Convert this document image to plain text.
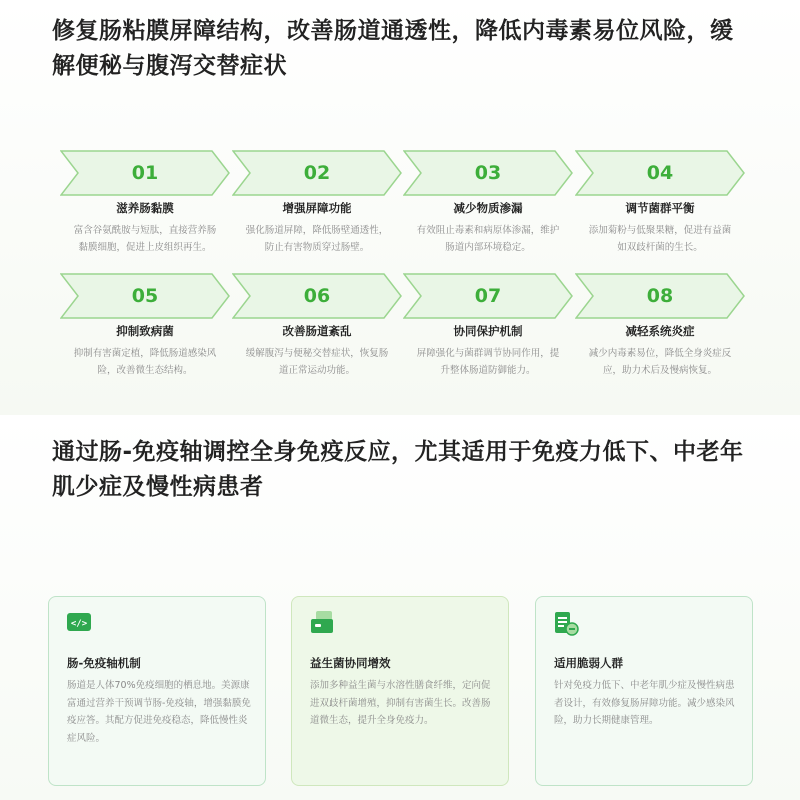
修复肠粘膜屏障结构，改善肠道通透性，降低内毒素易位风险，缓解便秘与腹泻交替症状
01
滋养肠黏膜
富含谷氨酰胺与短肽，直接营养肠黏膜细胞，促进上皮组织再生。
02
增强屏障功能
强化肠道屏障，降低肠壁通透性，防止有害物质穿过肠壁。
03
减少物质渗漏
有效阻止毒素和病原体渗漏，维护肠道内部环境稳定。
04
调节菌群平衡
添加菊粉与低聚果糖，促进有益菌如双歧杆菌的生长。
05
抑制致病菌
抑制有害菌定植，降低肠道感染风险，改善微生态结构。
06
改善肠道紊乱
缓解腹泻与便秘交替症状，恢复肠道正常运动功能。
07
协同保护机制
屏障强化与菌群调节协同作用，提升整体肠道防御能力。
08
减轻系统炎症
减少内毒素易位，降低全身炎症反应，助力术后及慢病恢复。
通过肠-免疫轴调控全身免疫反应，尤其适用于免疫力低下、中老年肌少症及慢性病患者
</>
肠-免疫轴机制
肠道是人体70%免疫细胞的栖息地。美源康富通过营养干预调节肠-免疫轴，增强黏膜免疫应答。其配方促进免疫稳态，降低慢性炎症风险。
益生菌协同增效
添加多种益生菌与水溶性膳食纤维，定向促进双歧杆菌增殖，抑制有害菌生长。改善肠道微生态，提升全身免疫力。
适用脆弱人群
针对免疫力低下、中老年肌少症及慢性病患者设计，有效修复肠屏障功能。减少感染风险，助力长期健康管理。
